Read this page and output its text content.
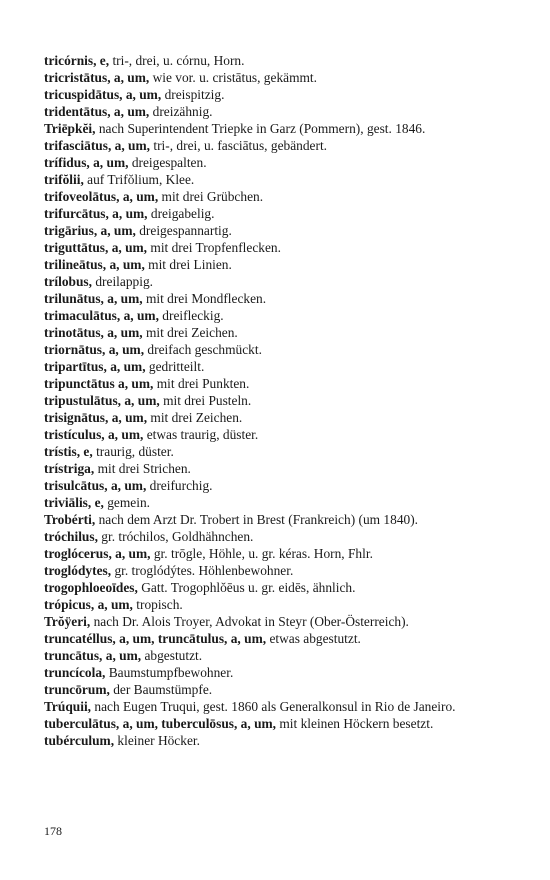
tricórnis, e, tri-, drei, u. córnu, Horn.

tricristātus, a, um, wie vor. u. cristātus, gekämmt.

tricuspidātus, a, um, dreispitzig.

tridentātus, a, um, dreizähnig.

Triēpkĕi, nach Superintendent Triepke in Garz (Pommern), gest. 1846.

trifasciātus, a, um, tri-, drei, u. fasciātus, gebändert.

trífidus, a, um, dreigespalten.

trifŏlii, auf Trifŏlium, Klee.

trifoveolātus, a, um, mit drei Grübchen.

trifurcātus, a, um, dreigabelig.

trigārius, a, um, dreigespannartig.

triguttātus, a, um, mit drei Tropfenflecken.

trilineātus, a, um, mit drei Linien.

trílobus, dreilappig.

trilunātus, a, um, mit drei Mondflecken.

trimaculātus, a, um, dreifleckig.

trinotātus, a, um, mit drei Zeichen.

triornātus, a, um, dreifach geschmückt.

tripartītus, a, um, gedritteilt.

tripunctātus a, um, mit drei Punkten.

tripustulātus, a, um, mit drei Pusteln.

trisignātus, a, um, mit drei Zeichen.

tristículus, a, um, etwas traurig, düster.

trístis, e, traurig, düster.

trístriga, mit drei Strichen.

trisulcātus, a, um, dreifurchig.

triviālis, e, gemein.

Trobérti, nach dem Arzt Dr. Trobert in Brest (Frankreich) (um 1840).

tróchilus, gr. tróchilos, Goldhähnchen.

troglócerus, a, um, gr. trōgle, Höhle, u. gr. kéras. Horn, Fhlr.

troglódytes, gr. troglódýtes. Höhlenbewohner.

trogophloeoīdes, Gatt. Trogophlŏēus u. gr. eidēs, ähnlich.

trópicus, a, um, tropisch.

Trŏÿeri, nach Dr. Alois Troyer, Advokat in Steyr (Ober-Österreich).

truncatéllus, a, um, truncātulus, a, um, etwas abgestutzt.

truncātus, a, um, abgestutzt.

truncícola, Baumstumpfbewohner.

truncōrum, der Baumstümpfe.

Trúquii, nach Eugen Truqui, gest. 1860 als Generalkonsul in Rio de Janeiro.

tuberculātus, a, um, tuberculōsus, a, um, mit kleinen Höckern besetzt.

tubérculum, kleiner Höcker.

178
